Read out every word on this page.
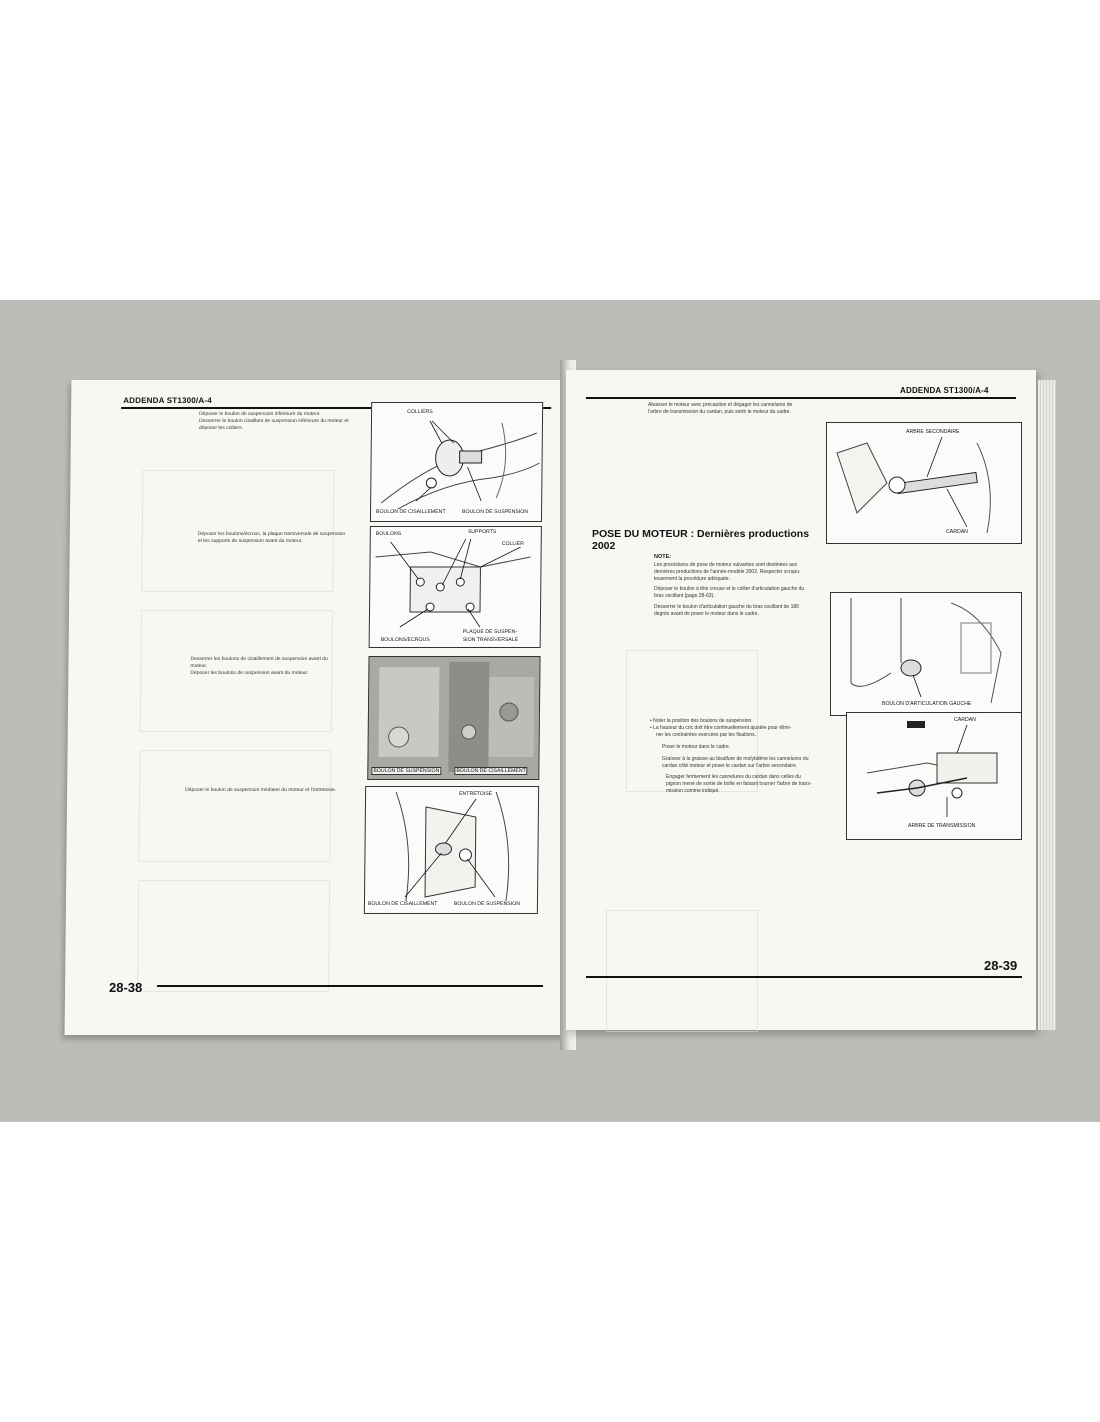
ADDENDA ST1300/A-4
Déposer le boulon de suspension inférieure du moteur.
Desserrer le boulon cisaillant de suspension inférieure du moteur et
déposer les colliers.
COLLIERS
BOULON DE CISAILLEMENT	BOULON DE SUSPENSION
Déposer les boulons/écrous, la plaque transversale de suspension
et les supports de suspension avant du moteur.
BOULONS	SUPPORTS
COLLIER
BOULONS/ECROUS
PLAQUE DE SUSPEN-
SION TRANSVERSALE
Desserrer les boulons de cisaillement de suspension avant du
moteur.
Déposer les boulons de suspension avant du moteur.
BOULON DE SUSPENSION	BOULON DE CISAILLEMENT
Déposer le boulon de suspension médiane du moteur et l'entretoise.
ENTRETOISE
BOULON DE CISAILLEMENT	BOULON DE SUSPENSION
28-38
ADDENDA ST1300/A-4
Abaisser le moteur avec précaution et dégager les cannelures de
l'arbre de transmission du cardan, puis sortir le moteur du cadre.
ARBRE SECONDAIRE
CARDAN
POSE DU MOTEUR : Dernières productions
2002
NOTE:
Les procédures de pose de moteur suivantes sont destinées aux
dernières productions de l'année-modèle 2002. Respecter scrupu-
leusement la procédure adéquate.
Déposer le boulon à tête creuse et le collier d'articulation gauche du
bras oscillant (page 28-63).
Desserrer le boulon d'articulation gauche du bras oscillant de 180
degrés avant de poser le moteur dans le cadre.
BOULON D'ARTICULATION GAUCHE
• Noter la position des boulons de suspension.
• La hauteur du cric doit être continuellement ajustée pour élimi-
ner les contraintes exercées par les fixations.
Poser le moteur dans le cadre.
Graisser à la graisse au bisulfure de molybdène les cannelures du
cardan côté moteur et poser le cardan sur l'arbre secondaire.
Engager fermement les cannelures du cardan dans celles du
pignon mené de sortie de boîte en faisant tourner l'arbre de trans-
mission comme indiqué.
CARDAN
ARBRE DE TRANSMISSION
28-39
